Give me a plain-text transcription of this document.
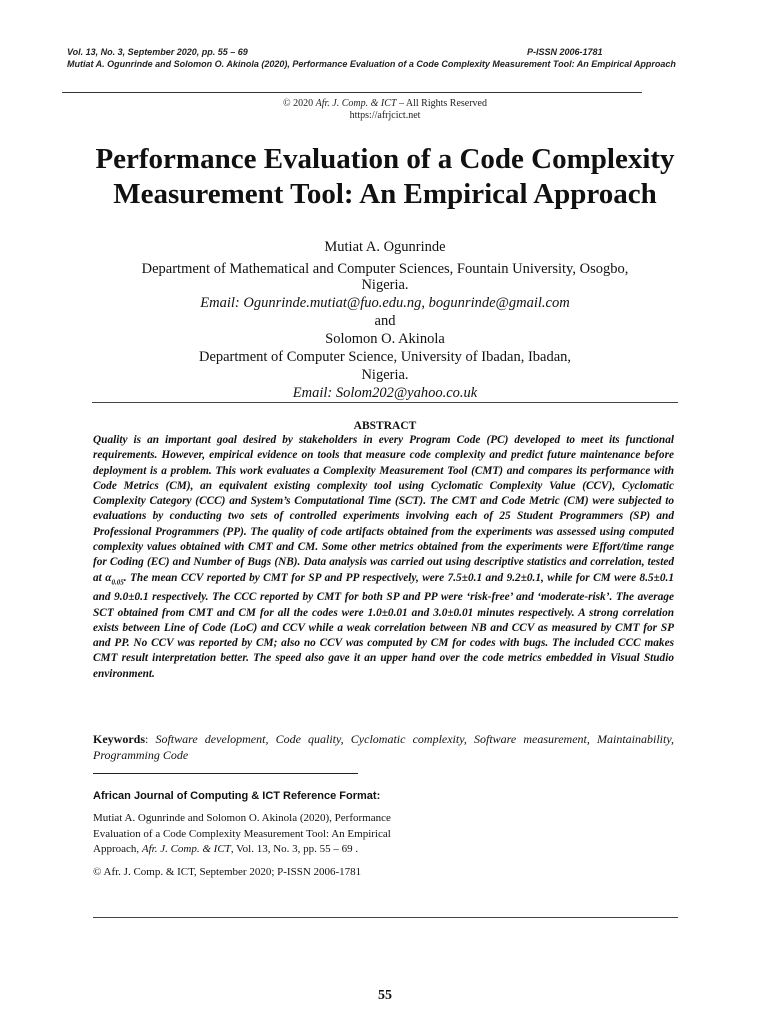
Vol. 13, No. 3, September 2020, pp. 55 – 69	P-ISSN 2006-1781
Mutiat A. Ogunrinde and Solomon O. Akinola (2020), Performance Evaluation of a Code Complexity Measurement Tool: An Empirical Approach
© 2020 Afr. J. Comp. & ICT – All Rights Reserved
https://afrjcict.net
Performance Evaluation of a Code Complexity Measurement Tool: An Empirical Approach
Mutiat A. Ogunrinde
Department of Mathematical and Computer Sciences, Fountain University, Osogbo,
Nigeria.
Email: Ogunrinde.mutiat@fuo.edu.ng, bogunrinde@gmail.com
and
Solomon O. Akinola
Department of Computer Science, University of Ibadan, Ibadan,
Nigeria.
Email: Solom202@yahoo.co.uk
ABSTRACT

Quality is an important goal desired by stakeholders in every Program Code (PC) developed to meet its functional requirements. However, empirical evidence on tools that measure code complexity and predict future maintenance before deployment is a problem. This work evaluates a Complexity Measurement Tool (CMT) and compares its performance with Code Metrics (CM), an equivalent existing complexity tool using Cyclomatic Complexity Value (CCV), Cyclomatic Complexity Category (CCC) and System’s Computational Time (SCT). The CMT and Code Metric (CM) were subjected to evaluations by conducting two sets of controlled experiments involving each of 25 Student Programmers (SP) and Professional Programmers (PP). The quality of code artifacts obtained from the experiments was assessed using computed complexity values obtained with CMT and CM. Some other metrics obtained from the experiments were Effort/time range for Coding (EC) and Number of Bugs (NB). Data analysis was carried out using descriptive statistics and correlation, tested at $\alpha_{0.05}$. The mean CCV reported by CMT for SP and PP respectively, were 7.5±0.1 and 9.2±0.1, while for CM were 8.5±0.1 and 9.0±0.1 respectively. The CCC reported by CMT for both SP and PP were ‘risk-free’ and ‘moderate-risk’. The average SCT obtained from CMT and CM for all the codes were 1.0±0.01 and 3.0±0.01 minutes respectively. A strong correlation exists between Line of Code (LoC) and CCV while a weak correlation between NB and CCV as measured by CMT for SP and PP. No CCV was reported by CM; also no CCV was computed by CM for codes with bugs. The included CCC makes CMT result interpretation better. The speed also gave it an upper hand over the code metrics embedded in Visual Studio environment.

Keywords: Software development, Code quality, Cyclomatic complexity, Software measurement, Maintainability, Programming Code

African Journal of Computing & ICT Reference Format:

Mutiat A. Ogunrinde and Solomon O. Akinola (2020), Performance Evaluation of a Code Complexity Measurement Tool: An Empirical Approach, Afr. J. Comp. & ICT, Vol. 13, No. 3, pp. 55 – 69 .

© Afr. J. Comp. & ICT, September 2020; P-ISSN 2006-1781
55
